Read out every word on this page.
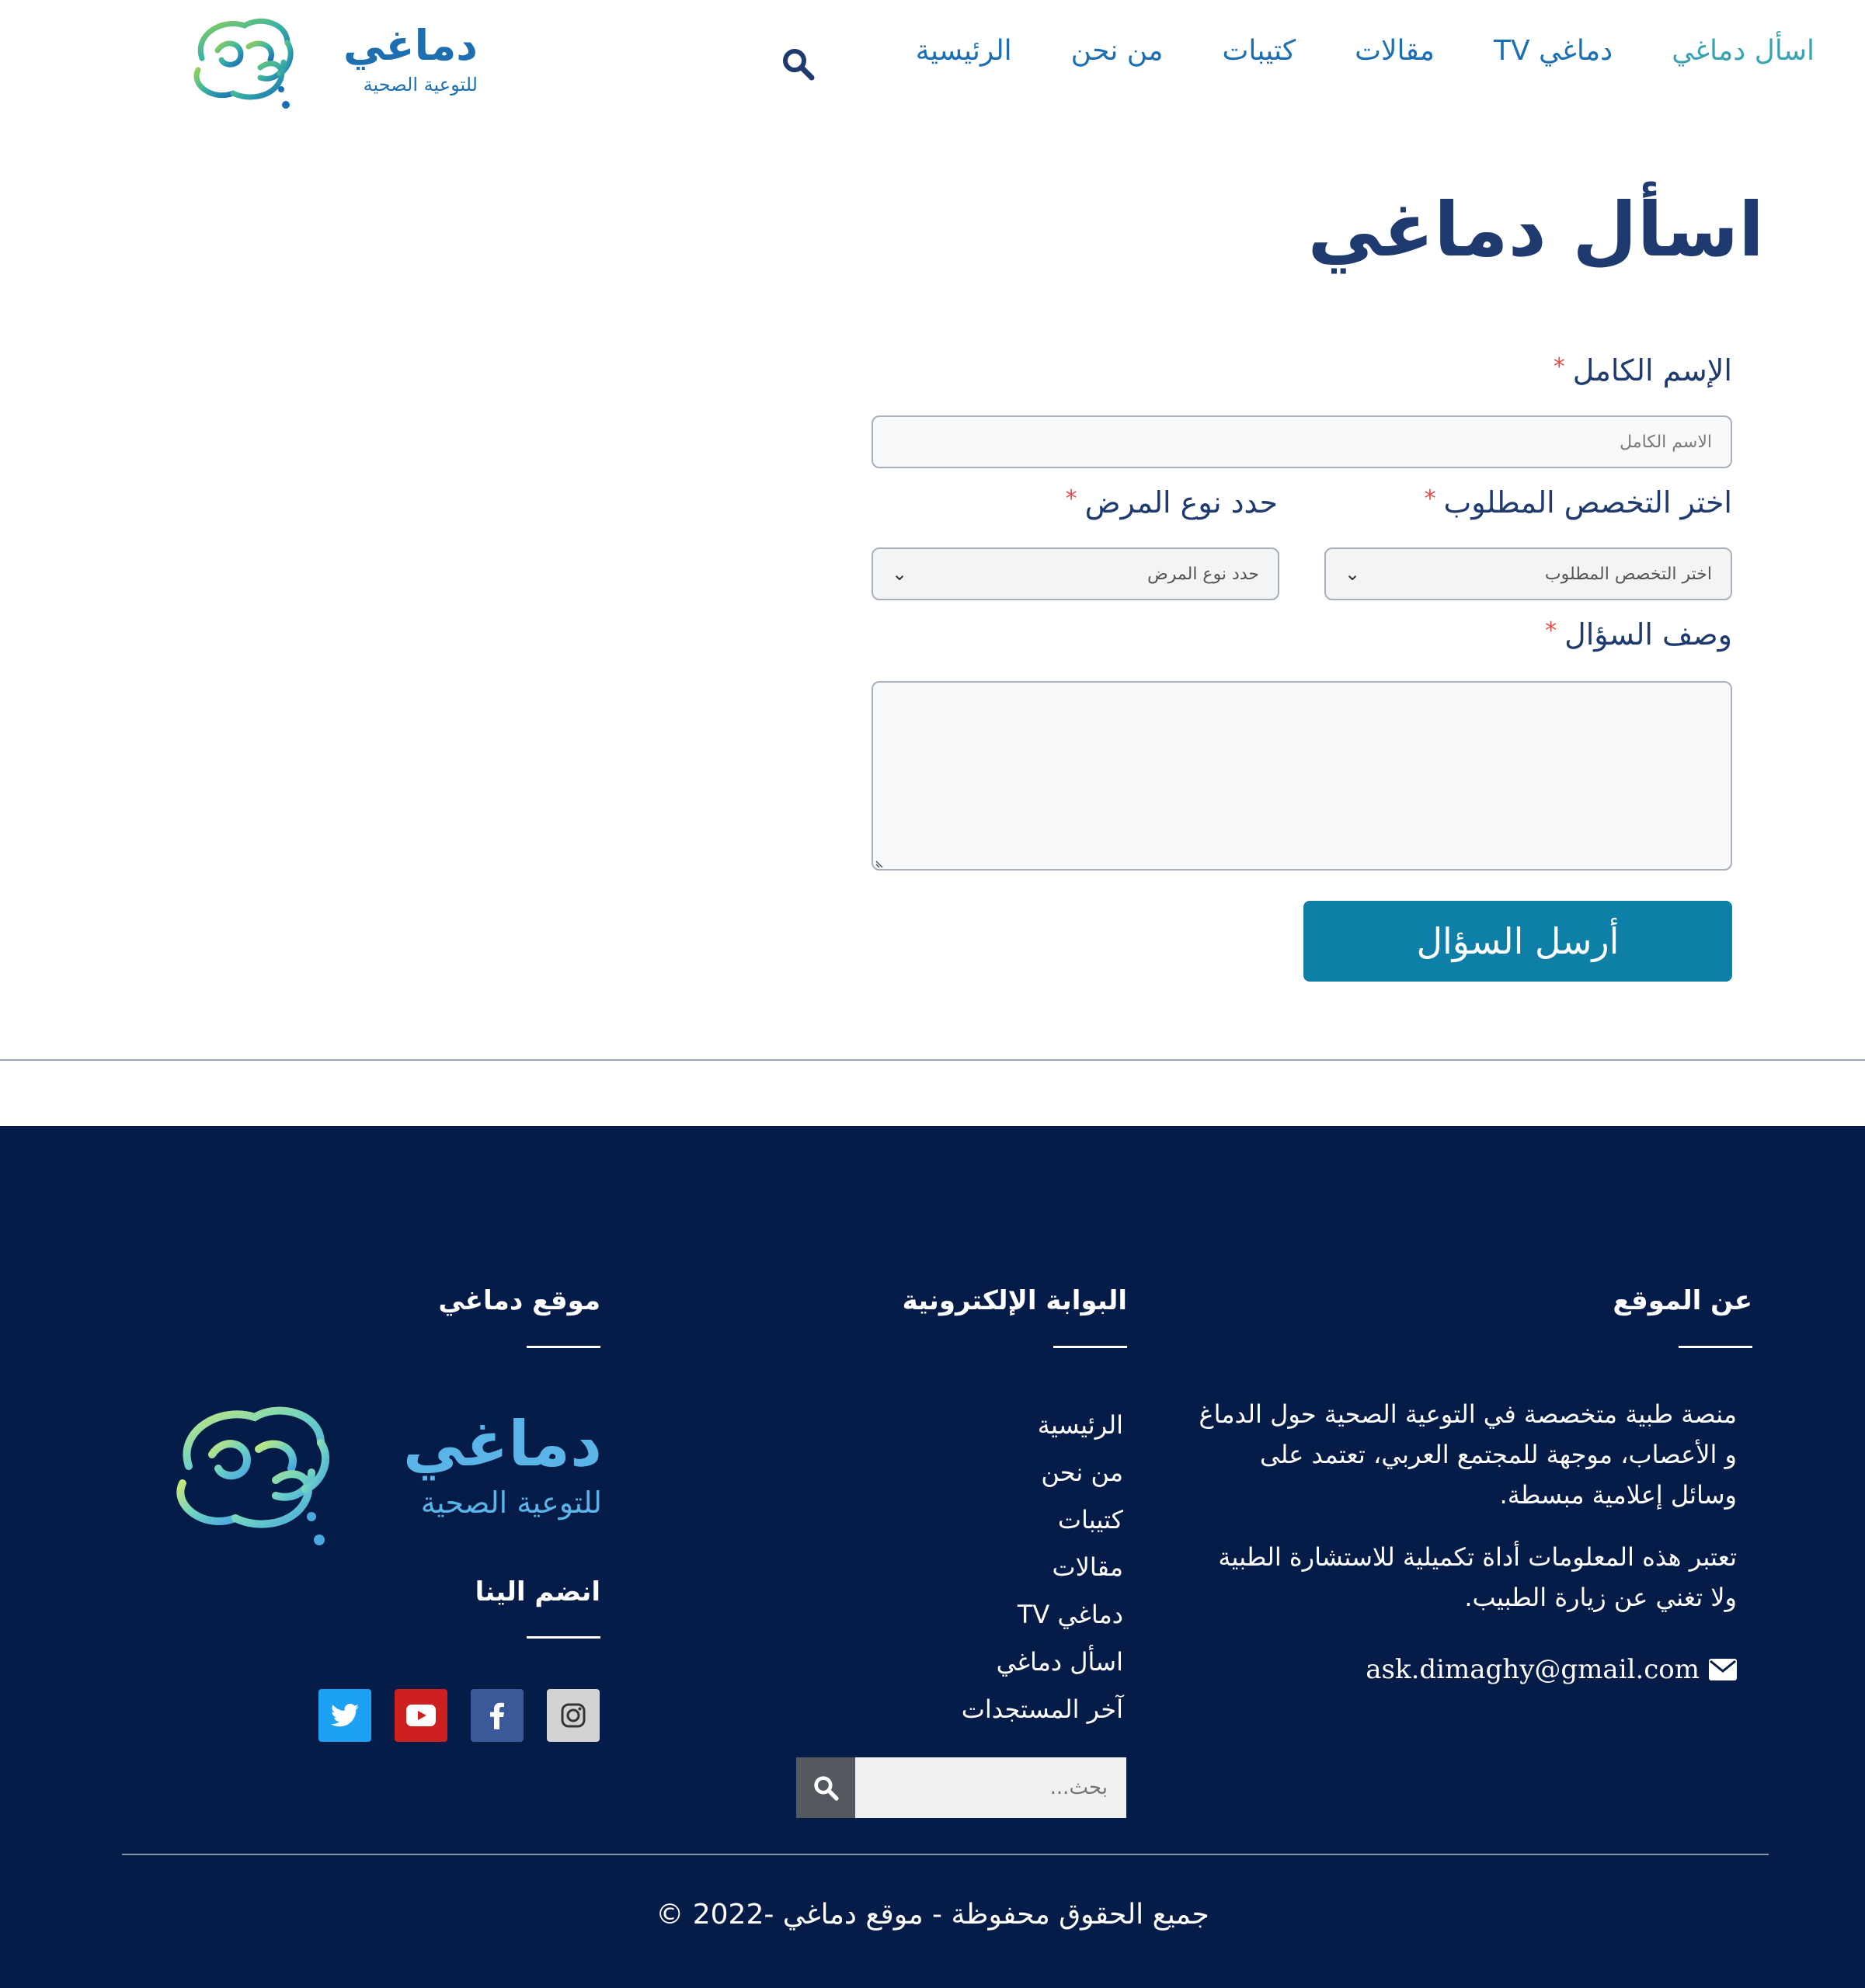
دماغي
للتوعية الصحية
الرئيسية من نحن كتيبات مقالات دماغي TV اسأل دماغي
اسأل دماغي
الإسم الكامل*
الاسم الكامل
اختر التخصص المطلوب*
حدد نوع المرض*
اختر التخصص المطلوب
⌄
حدد نوع المرض
⌄
وصف السؤال*
أرسل السؤال
عن الموقع

منصة طبية متخصصة في التوعية الصحية حول الدماغ و الأعصاب، موجهة للمجتمع العربي، تعتمد على وسائل إعلامية مبسطة.

تعتبر هذه المعلومات أداة تكميلية للاستشارة الطبية ولا تغني عن زيارة الطبيب.

ask.dimaghy@gmail.com
البوابة الإلكترونية
الرئيسية
من نحن
كتيبات
مقالات
دماغي TV
اسأل دماغي
آخر المستجدات
بحث...
موقع دماغي
دماغي
للتوعية الصحية
انضم الينا
جميع الحقوق محفوظة - موقع دماغي -2022 ©
